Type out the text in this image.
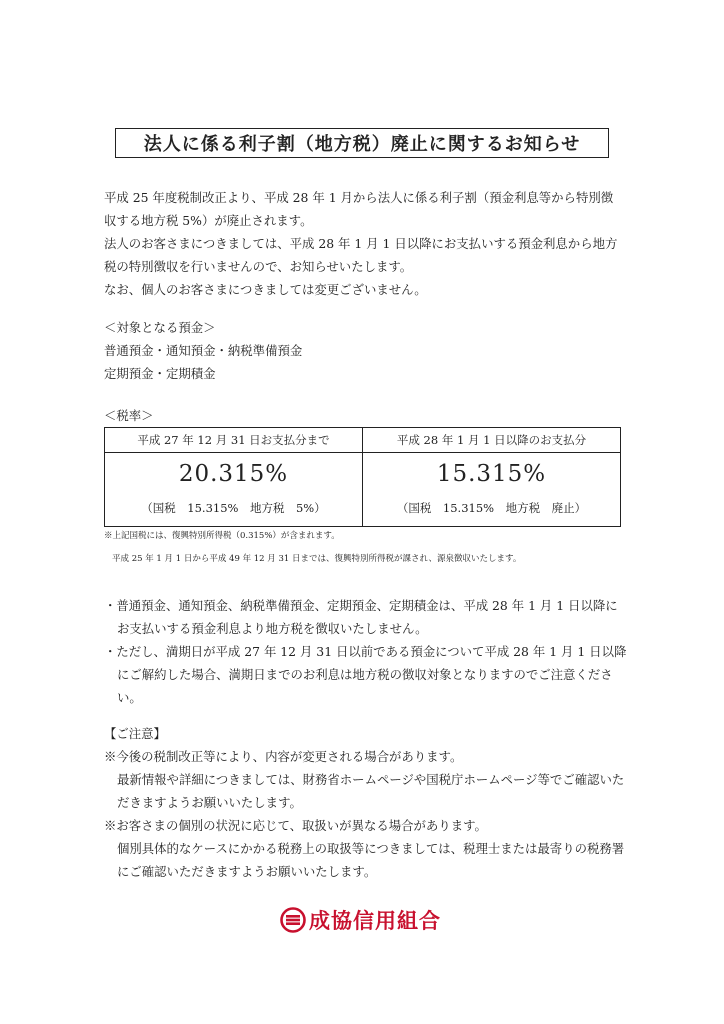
法人に係る利子割（地方税）廃止に関するお知らせ

平成 25 年度税制改正より、平成 28 年 1 月から法人に係る利子割（預金利息等から特別徴

収する地方税 5%）が廃止されます。

法人のお客さまにつきましては、平成 28 年 1 月 1 日以降にお支払いする預金利息から地方

税の特別徴収を行いませんので、お知らせいたします。

なお、個人のお客さまにつきましては変更ございません。

＜対象となる預金＞

普通預金・通知預金・納税準備預金

定期預金・定期積金

＜税率＞
平成 27 年 12 月 31 日お支払分まで
20.315%
（国税　15.315%　地方税　5%）
平成 28 年 1 月 1 日以降のお支払分
15.315%
（国税　15.315%　地方税　廃止）
※上記国税には、復興特別所得税（0.315%）が含まれます。
平成 25 年 1 月 1 日から平成 49 年 12 月 31 日までは、復興特別所得税が課され、源泉徴収いたします。

・普通預金、通知預金、納税準備預金、定期預金、定期積金は、平成 28 年 1 月 1 日以降にお支払いする預金利息より地方税を徴収いたしません。

・ただし、満期日が平成 27 年 12 月 31 日以前である預金について平成 28 年 1 月 1 日以降にご解約した場合、満期日までのお利息は地方税の徴収対象となりますのでご注意ください。

【ご注意】

※今後の税制改正等により、内容が変更される場合があります。

最新情報や詳細につきましては、財務省ホームページや国税庁ホームページ等でご確認いただきますようお願いいたします。

※お客さまの個別の状況に応じて、取扱いが異なる場合があります。

個別具体的なケースにかかる税務上の取扱等につきましては、税理士または最寄りの税務署にご確認いただきますようお願いいたします。

成協信用組合
